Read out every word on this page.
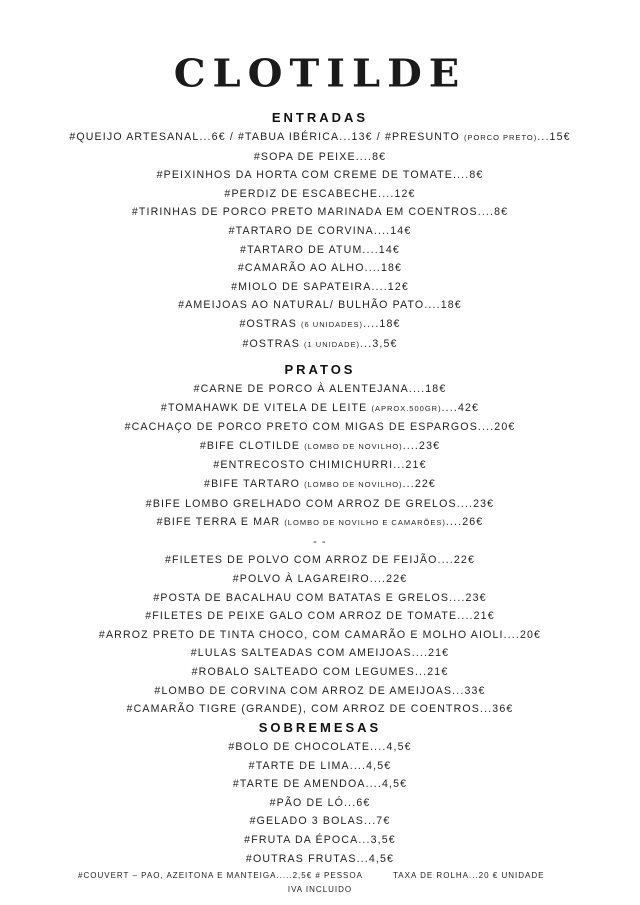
CLOTILDE
ENTRADAS
#QUEIJO ARTESANAL...6€ / #TABUA IBÉRICA...13€ / #PRESUNTO (PORCO PRETO)...15€
#SOPA DE PEIXE....8€
#PEIXINHOS DA HORTA COM CREME DE TOMATE....8€
#PERDIZ DE ESCABECHE....12€
#TIRINHAS DE PORCO PRETO MARINADA EM COENTROS....8€
#TARTARO DE CORVINA....14€
#TARTARO DE ATUM....14€
#CAMARÃO AO ALHO....18€
#MIOLO DE SAPATEIRA....12€
#AMEIJOAS AO NATURAL/ BULHÃO PATO....18€
#OSTRAS (6 UNIDADES)....18€
#OSTRAS (1 UNIDADE)...3,5€
PRATOS
#CARNE DE PORCO À ALENTEJANA....18€
#TOMAHAWK DE VITELA DE LEITE (APROX.500GR)....42€
#CACHAÇO DE PORCO PRETO COM MIGAS DE ESPARGOS....20€
#BIFE CLOTILDE (LOMBO DE NOVILHO)....23€
#ENTRECOSTO CHIMICHURRI...21€
#BIFE TARTARO (LOMBO DE NOVILHO)...22€
#BIFE LOMBO GRELHADO COM ARROZ DE GRELOS....23€
#BIFE TERRA E MAR (LOMBO DE NOVILHO E CAMARÕES)....26€
- -
#FILETES DE POLVO COM ARROZ DE FEIJÃO....22€
#POLVO À LAGAREIRO....22€
#POSTA DE BACALHAU COM BATATAS E GRELOS....23€
#FILETES DE PEIXE GALO COM ARROZ DE TOMATE....21€
#ARROZ PRETO DE TINTA CHOCO, COM CAMARÃO E MOLHO AIOLI....20€
#LULAS SALTEADAS COM AMEIJOAS....21€
#ROBALO SALTEADO COM LEGUMES...21€
#LOMBO DE CORVINA COM ARROZ DE AMEIJOAS...33€
#CAMARÃO TIGRE (GRANDE), COM ARROZ DE COENTROS...36€
SOBREMESAS
#BOLO DE CHOCOLATE....4,5€
#TARTE DE LIMA....4,5€
#TARTE DE AMENDOA....4,5€
#PÃO DE LÓ...6€
#GELADO 3 BOLAS...7€
#FRUTA DA ÉPOCA...3,5€
#OUTRAS FRUTAS...4,5€
#COUVERT – PAO, AZEITONA E MANTEIGA.....2,5€ # PESSOA	TAXA DE ROLHA...20 € UNIDADE
IVA INCLUIDO
